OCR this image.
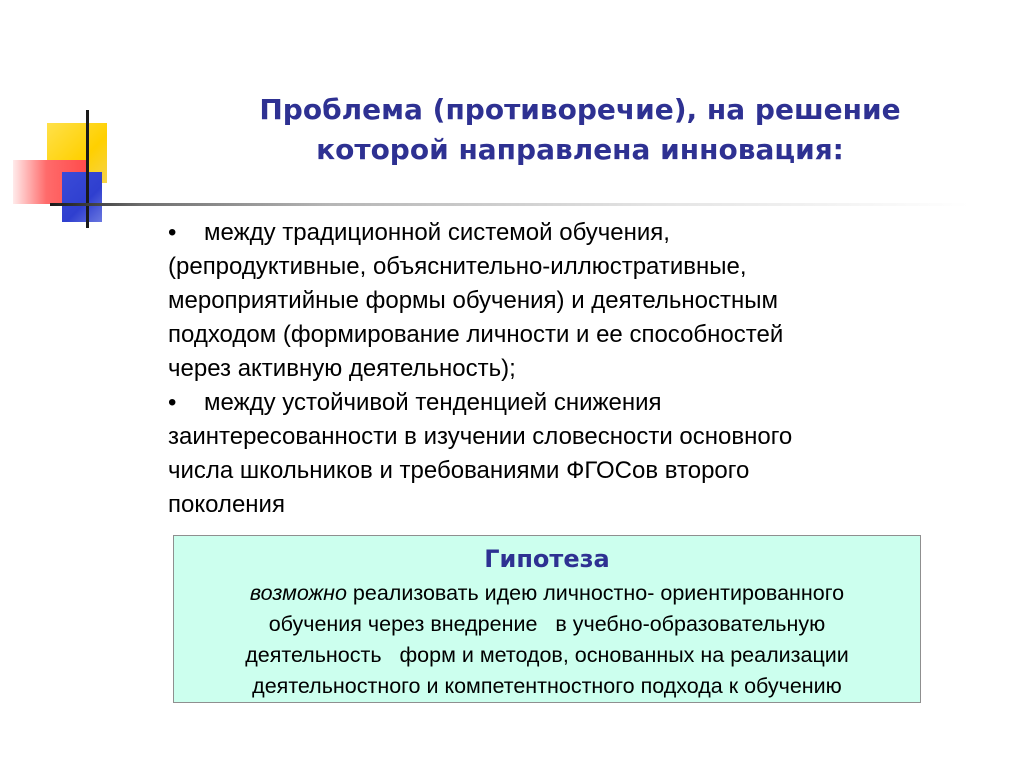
Проблема (противоречие), на решение
которой направлена инновация:
• между традиционной системой обучения,
(репродуктивные, объяснительно-иллюстративные,
мероприятийные формы обучения) и деятельностным
подходом (формирование личности и ее способностей
через активную деятельность);
• между устойчивой тенденцией снижения
заинтересованности в изучении словесности основного
числа школьников и требованиями ФГОСов второго
поколения
Гипотеза
возможно реализовать идею личностно- ориентированного
обучения через внедрение   в учебно-образовательную
деятельность   форм и методов, основанных на реализации
деятельностного и компетентностного подхода к обучению
